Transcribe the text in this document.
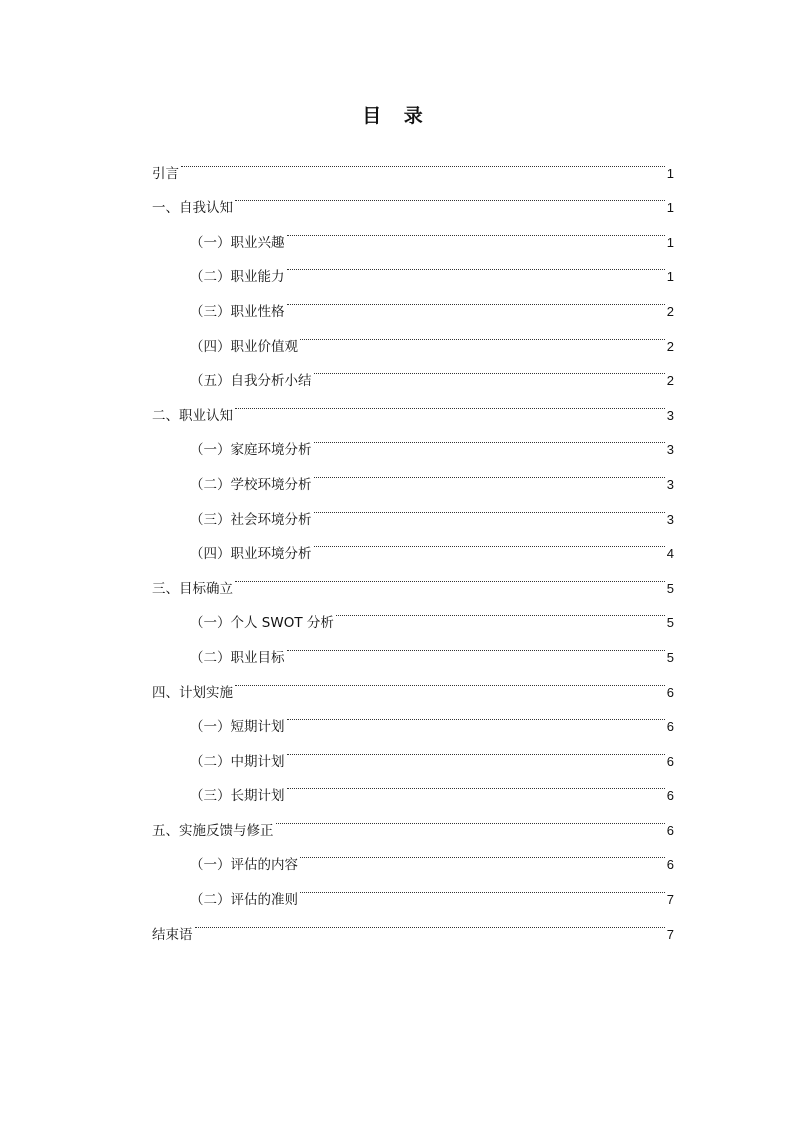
目 录
引言	1
一、自我认知	1
（一）职业兴趣	1
（二）职业能力	1
（三）职业性格	2
（四）职业价值观	2
（五）自我分析小结	2
二、职业认知	3
（一）家庭环境分析	3
（二）学校环境分析	3
（三）社会环境分析	3
（四）职业环境分析	4
三、目标确立	5
（一）个人 SWOT 分析	5
（二）职业目标	5
四、计划实施	6
（一）短期计划	6
（二）中期计划	6
（三）长期计划	6
五、实施反馈与修正	6
（一）评估的内容	6
（二）评估的准则	7
结束语	7
